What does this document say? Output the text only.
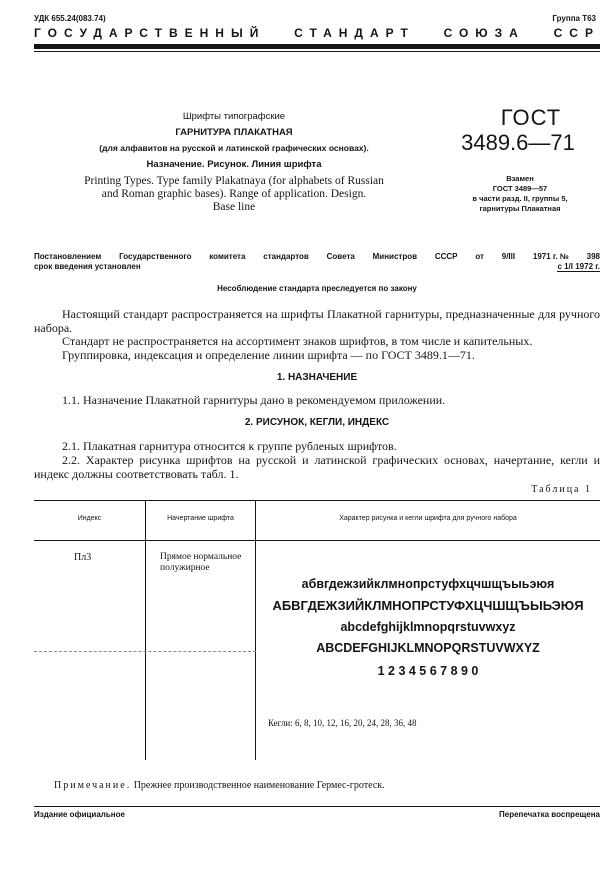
УДК 655.24(083.74)	Группа Т63
ГОСУДАРСТВЕННЫЙ СТАНДАРТ СОЮЗА ССР
Шрифты типографские
ГАРНИТУРА ПЛАКАТНАЯ
(для алфавитов на русской и латинской графических основах).
Назначение. Рисунок. Линия шрифта
Printing Types. Type family Plakatnaya (for alphabets of Russian
and Roman graphic bases). Range of application. Design.
Base line
ГОСТ
3489.6—71
Взамен
ГОСТ 3489—57
в части разд. II, группы 5,
гарнитуры Плакатная
Постановлением Государственного комитета стандартов Совета Министров СССР от 9/III 1971 г. № 398
срок введения установлен	с 1/I 1972 г.
Несоблюдение стандарта преследуется по закону
Настоящий стандарт распространяется на шрифты Плакатной гарнитуры, предназначенные для ручного набора.
Стандарт не распространяется на ассортимент знаков шрифтов, в том числе и капительных.
Группировка, индексация и определение линии шрифта — по ГОСТ 3489.1—71.
1. НАЗНАЧЕНИЕ
1.1. Назначение Плакатной гарнитуры дано в рекомендуемом приложении.
2. РИСУНОК, КЕГЛИ, ИНДЕКС
2.1. Плакатная гарнитура относится к группе рубленых шрифтов.
2.2. Характер рисунка шрифтов на русской и латинской графических основах, начертание, кегли и индекс должны соответствовать табл. 1.
Таблица 1
Индекс	Начертание шрифта	Характер рисунка и кегли шрифта для ручного набора
Пл3	Прямое нормальное
полужирное
абвгдежзийклмнопрстуфхцчшщъыьэюя
АБВГДЕЖЗИЙКЛМНОПРСТУФХЦЧШЩЪЫЬЭЮЯ
abcdefghijklmnopqrstuvwxyz
ABCDEFGHIJKLMNOPQRSTUVWXYZ
1 2 3 4 5 6 7 8 9 0
Кегли: 6, 8, 10, 12, 16, 20, 24, 28, 36, 48
Примечание. Прежнее производственное наименование Гермес-гротеск.
Издание официальное	Перепечатка воспрещена
